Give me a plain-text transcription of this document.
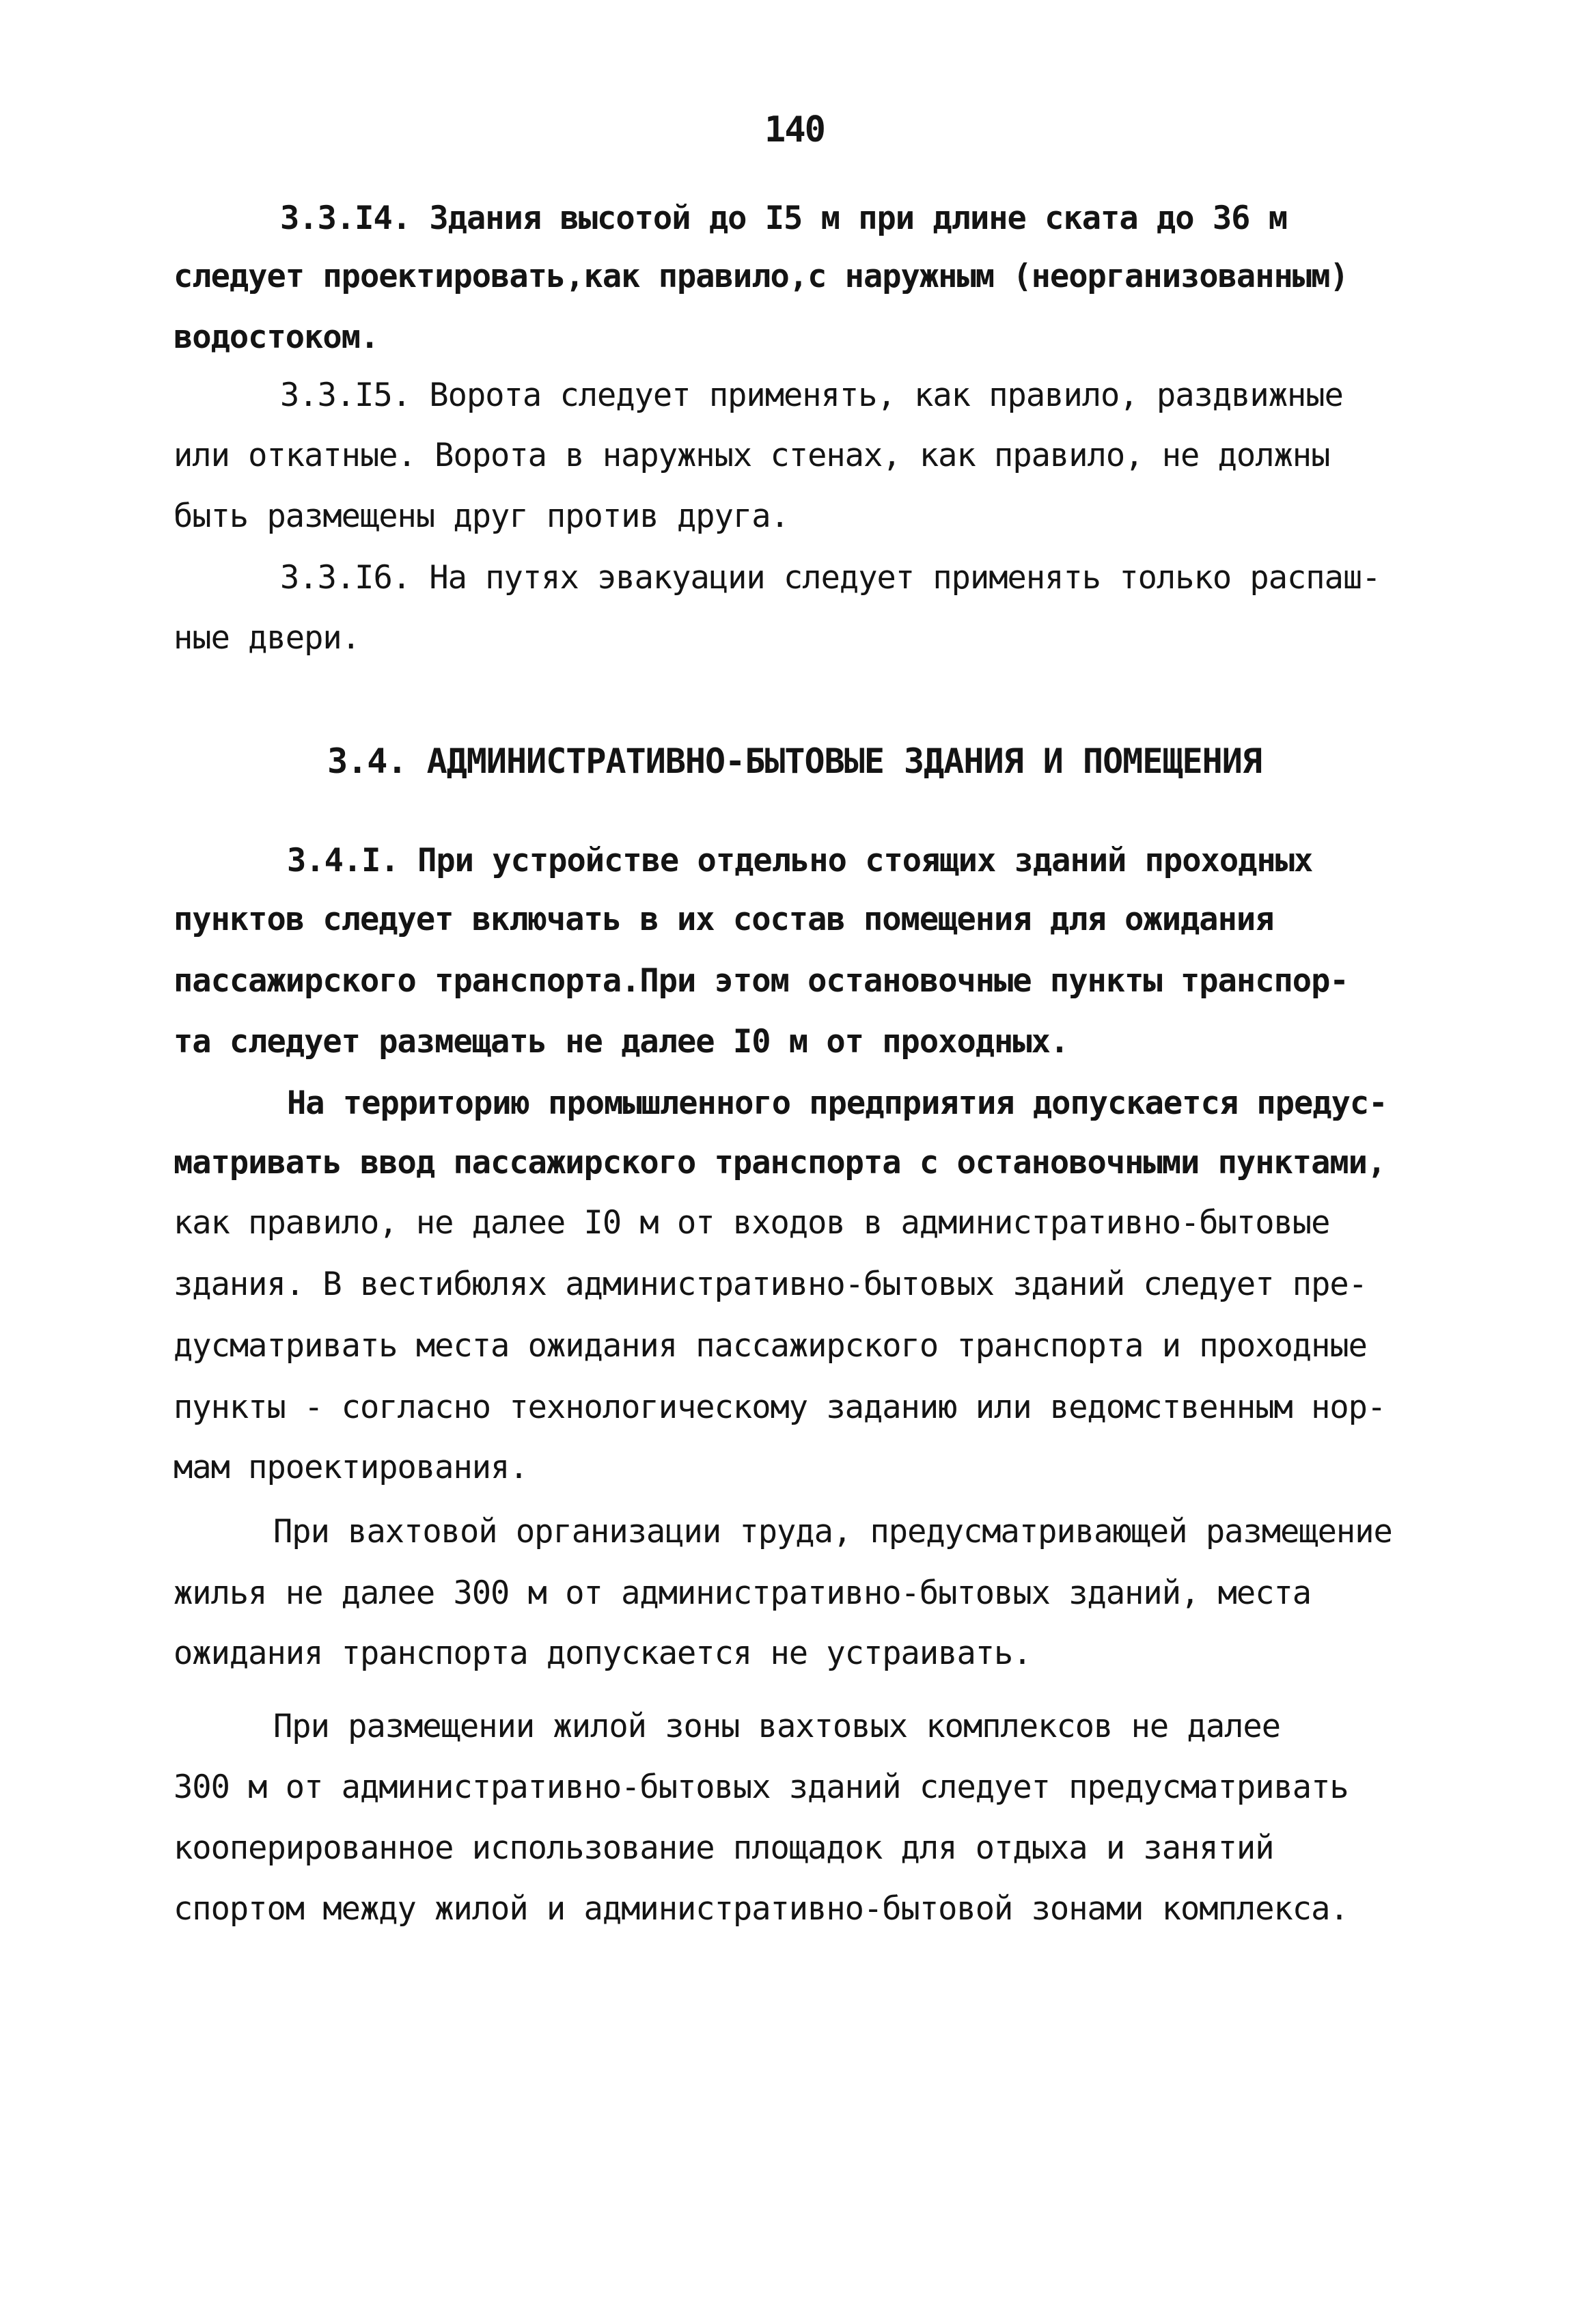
140
3.3.I4. Здания высотой до I5 м при длине ската до 36 м
следует проектировать,как правило,с наружным (неорганизованным)
водостоком.
3.3.I5. Ворота следует применять, как правило, раздвижные
или откатные. Ворота в наружных стенах, как правило, не должны
быть размещены друг против друга.
3.3.I6. На путях эвакуации следует применять только распаш-
ные двери.
3.4. АДМИНИСТРАТИВНО-БЫТОВЫЕ ЗДАНИЯ И ПОМЕЩЕНИЯ
3.4.I. При устройстве отдельно стоящих зданий проходных
пунктов следует включать в их состав помещения для ожидания
пассажирского транспорта.При этом остановочные пункты транспор-
та следует размещать не далее I0 м от проходных.
На территорию промышленного предприятия допускается предус-
матривать ввод пассажирского транспорта с остановочными пунктами,
как правило, не далее I0 м от входов в административно-бытовые
здания. В вестибюлях административно-бытовых зданий следует пре-
дусматривать места ожидания пассажирского транспорта и проходные
пункты - согласно технологическому заданию или ведомственным нор-
мам проектирования.
При вахтовой организации труда, предусматривающей размещение
жилья не далее 300 м от административно-бытовых зданий, места
ожидания транспорта допускается не устраивать.
При размещении жилой зоны вахтовых комплексов не далее
300 м от административно-бытовых зданий следует предусматривать
кооперированное использование площадок для отдыха и занятий
спортом между жилой и административно-бытовой зонами комплекса.
